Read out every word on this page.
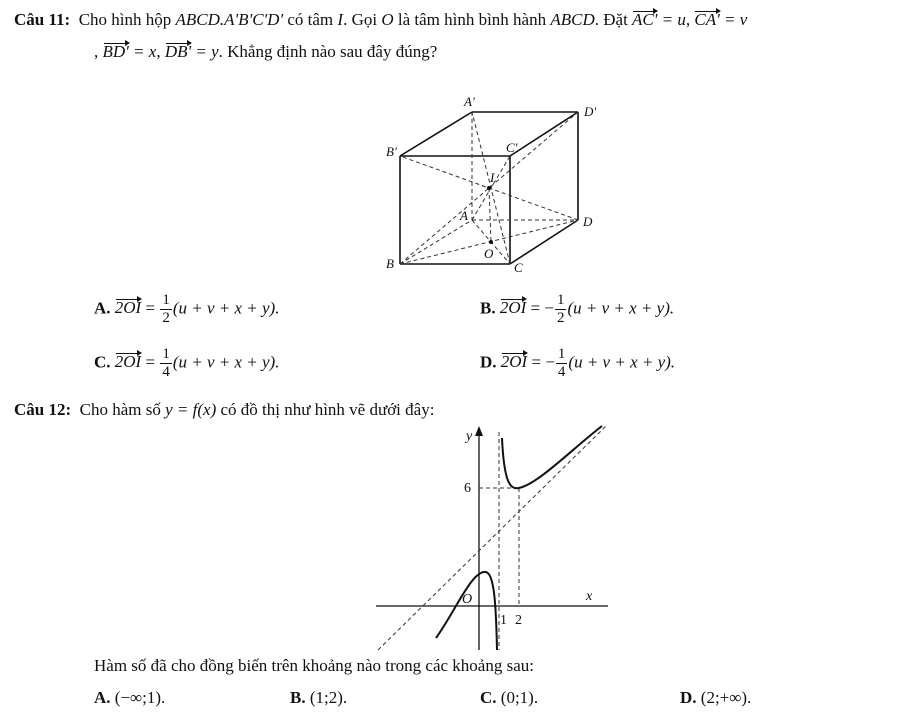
Câu 11: Cho hình hộp ABCD.A'B'C'D' có tâm I. Gọi O là tâm hình bình hành ABCD. Đặt AC' = u, CA' = v
, BD' = x, DB' = y. Khẳng định nào sau đây đúng?
A'
D'
B'	C'
I
A	D
O
B	C
A. $2OI = \frac{1}{2} (u + v + x + y)$.	B. 2OI = − $\frac{1}{2} (u + v + x + y)$.
C. $2OI = \frac{1}{4} (u + v + x + y)$.	D. 2OI = − $\frac{1}{4} (u + v + x + y)$.
Câu 12: Cho hàm số y = f(x) có đồ thị như hình vẽ dưới đây:
y
x
O
6
1 2
Hàm số đã cho đồng biến trên khoảng nào trong các khoảng sau:
A. (−∞;1).	B. (1;2).	C. (0;1).	D. (2;+∞).
